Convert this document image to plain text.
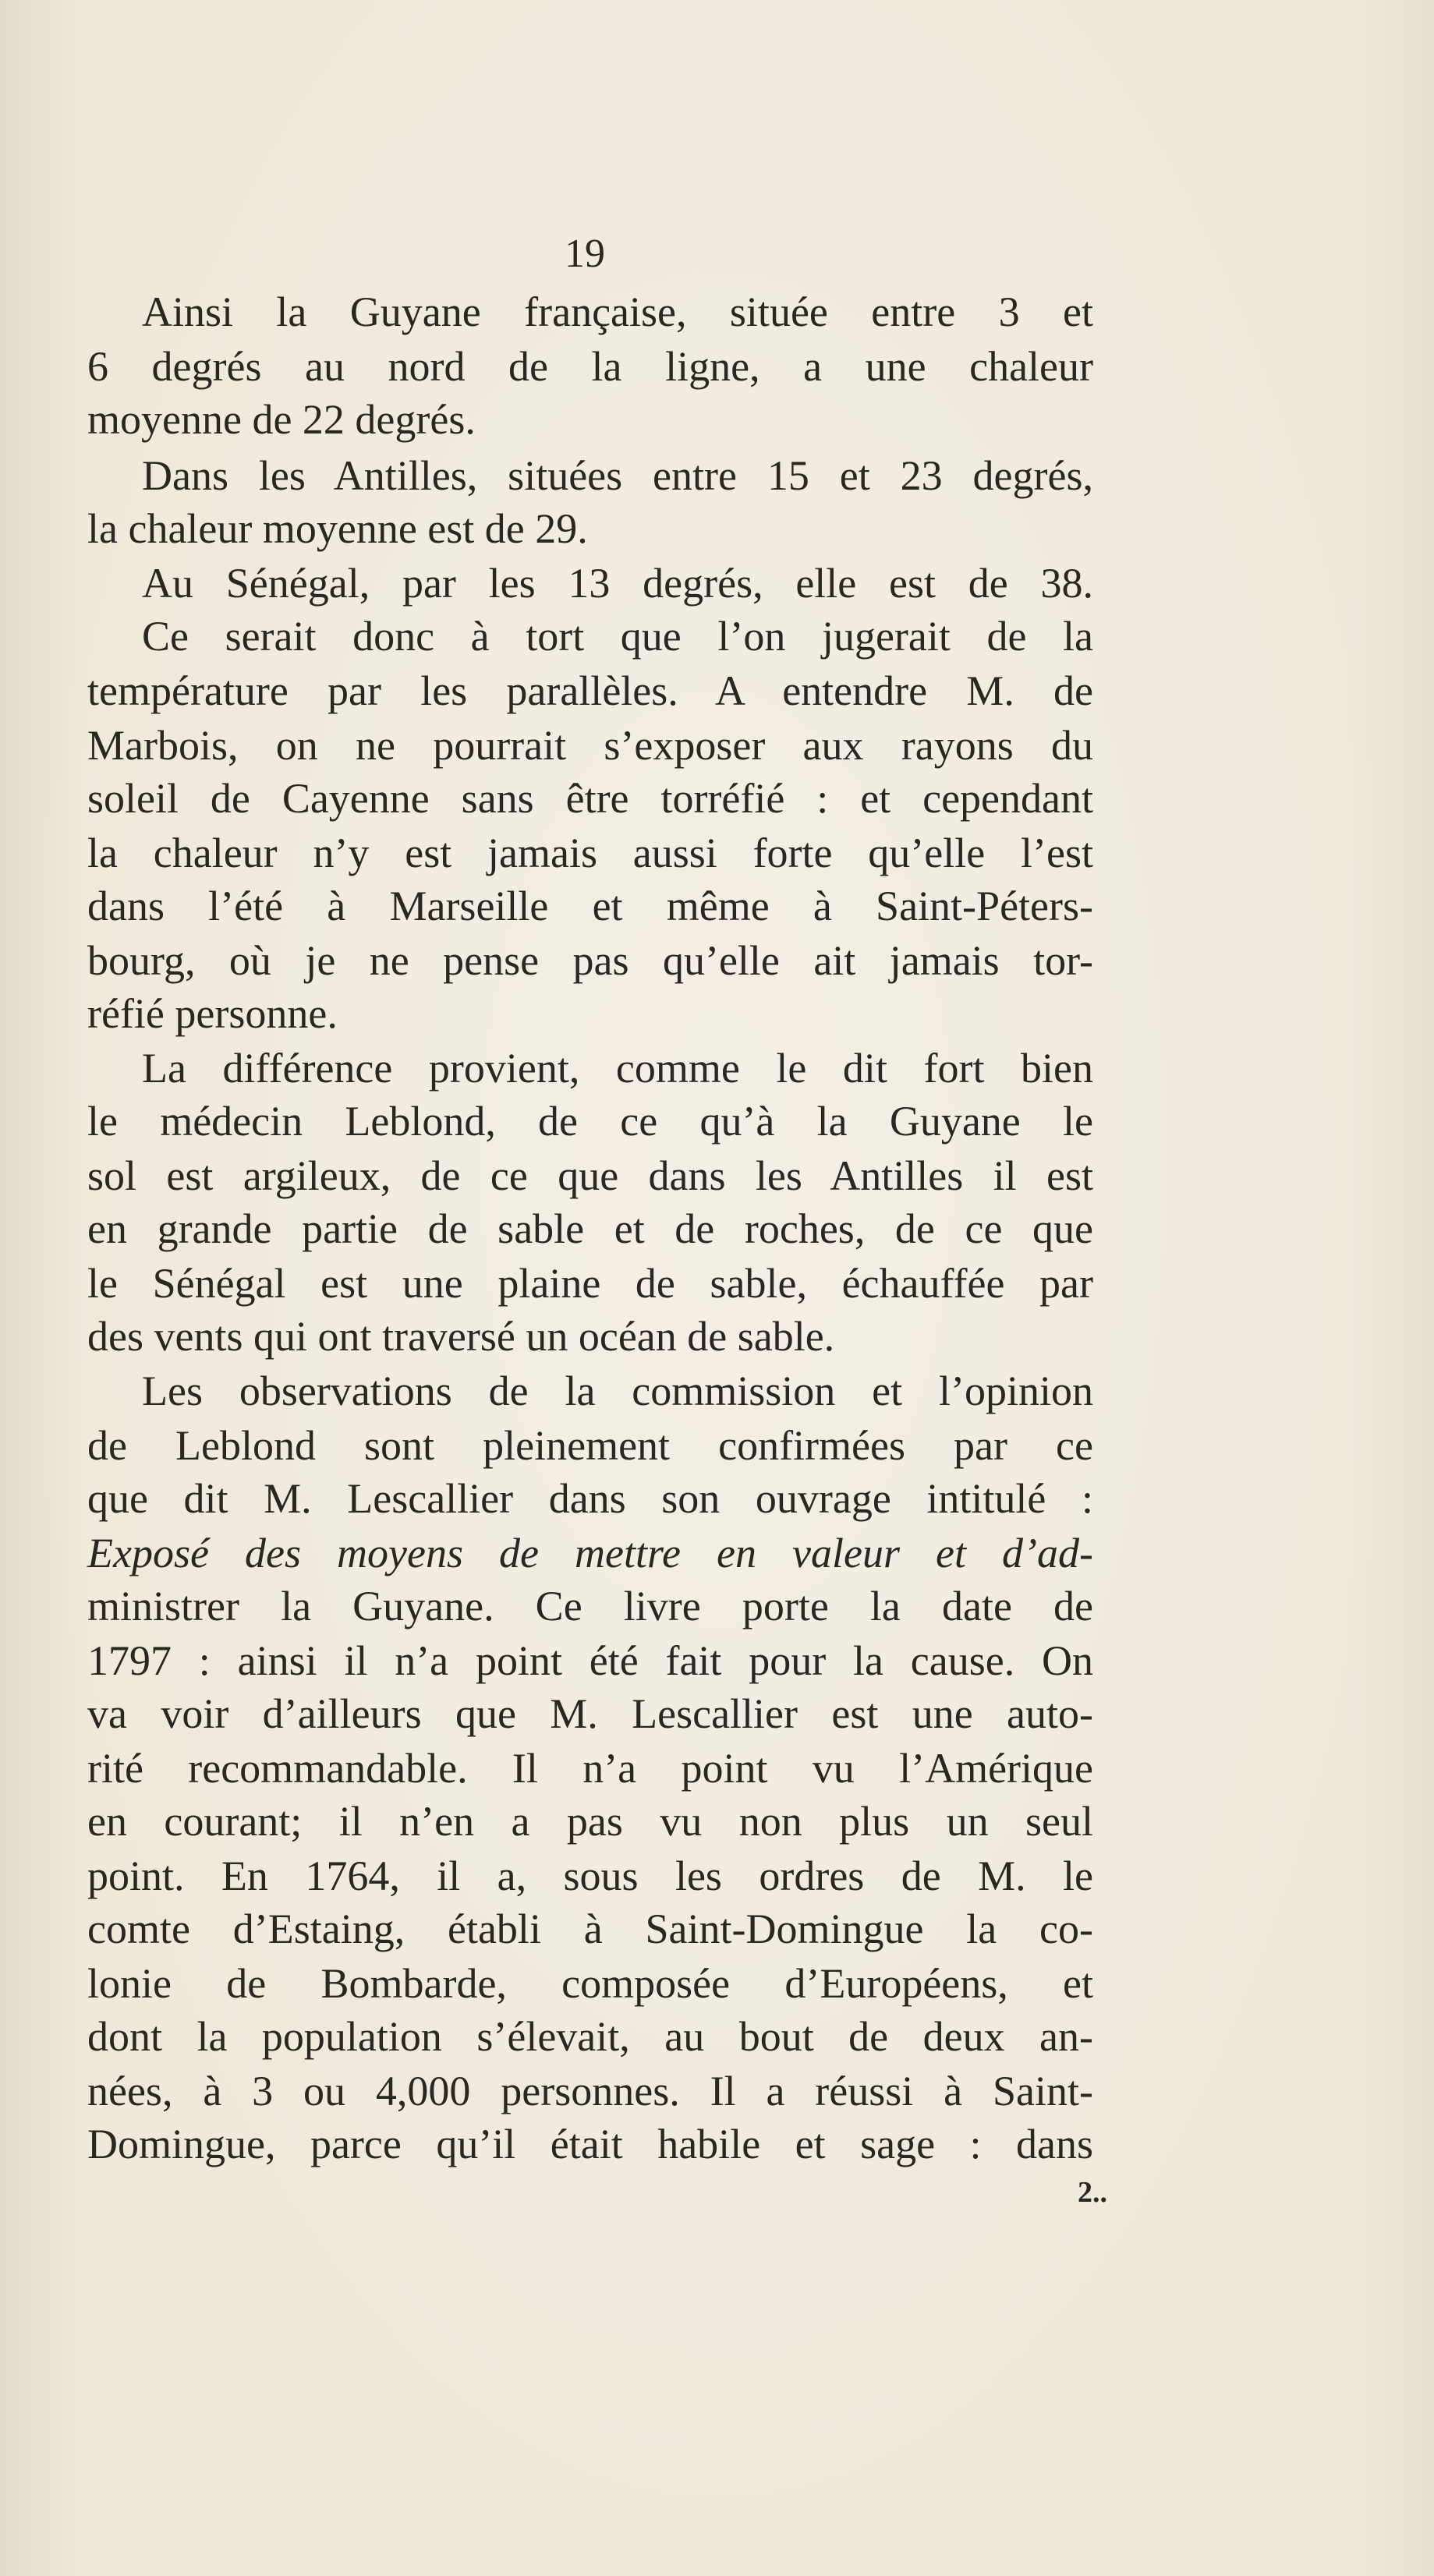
19
Ainsi la Guyane française, située entre 3 et
6 degrés au nord de la ligne, a une chaleur
moyenne de 22 degrés.
Dans les Antilles, situées entre 15 et 23 degrés,
la chaleur moyenne est de 29.
Au Sénégal, par les 13 degrés, elle est de 38.
Ce serait donc à tort que l’on jugerait de la
température par les parallèles. A entendre M. de
Marbois, on ne pourrait s’exposer aux rayons du
soleil de Cayenne sans être torréfié : et cependant
la chaleur n’y est jamais aussi forte qu’elle l’est
dans l’été à Marseille et même à Saint-Péters-
bourg, où je ne pense pas qu’elle ait jamais tor-
réfié personne.
La différence provient, comme le dit fort bien
le médecin Leblond, de ce qu’à la Guyane le
sol est argileux, de ce que dans les Antilles il est
en grande partie de sable et de roches, de ce que
le Sénégal est une plaine de sable, échauffée par
des vents qui ont traversé un océan de sable.
Les observations de la commission et l’opinion
de Leblond sont pleinement confirmées par ce
que dit M. Lescallier dans son ouvrage intitulé :
Exposé des moyens de mettre en valeur et d’ad-
ministrer la Guyane. Ce livre porte la date de
1797 : ainsi il n’a point été fait pour la cause. On
va voir d’ailleurs que M. Lescallier est une auto-
rité recommandable. Il n’a point vu l’Amérique
en courant; il n’en a pas vu non plus un seul
point. En 1764, il a, sous les ordres de M. le
comte d’Estaing, établi à Saint-Domingue la co-
lonie de Bombarde, composée d’Européens, et
dont la population s’élevait, au bout de deux an-
nées, à 3 ou 4,000 personnes. Il a réussi à Saint-
Domingue, parce qu’il était habile et sage : dans
2..
